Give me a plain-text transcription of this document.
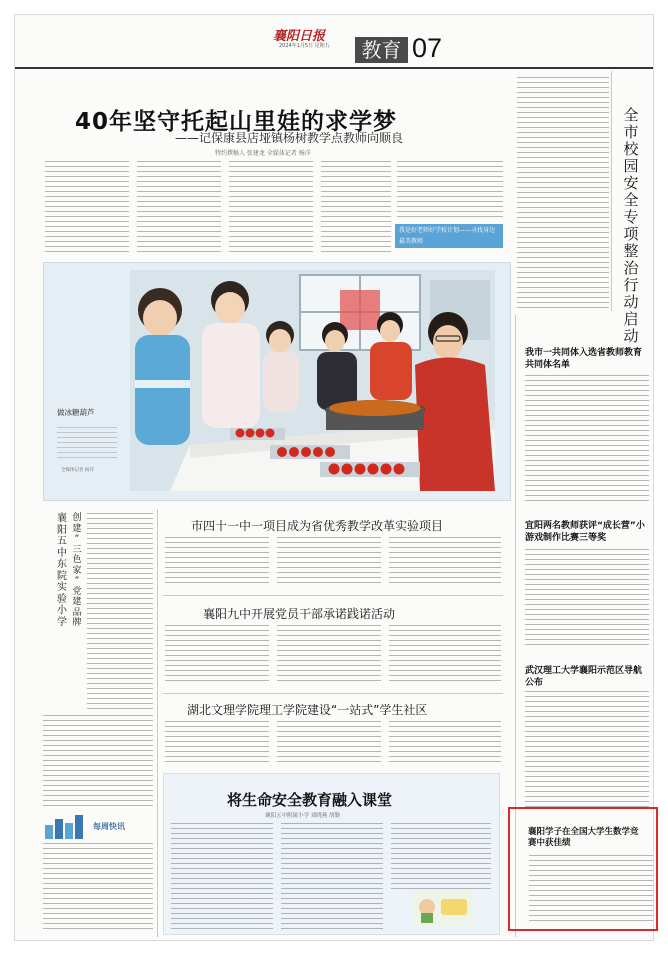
襄阳日报
2024年1月5日 星期五	教育 07
全
市
校
园
安
全
专
项
整
治
行
动
启
动
40年坚守托起山里娃的求学梦
——记保康县店垭镇杨树教学点教师向顺良
特约撰稿人 张建龙 全媒体记者 杨洋
我是好老师好学校计划——寻找身边最美教师
做冰糖葫芦
全媒体记者 杨洋
襄
阳
五
中
东
院
实
验
小
学
创
建
“
三
色
家
”
党
建
品
牌
市四十一中一项目成为省优秀教学改革实验项目
襄阳九中开展党员干部承诺践诺活动
湖北文理学院理工学院建设“一站式”学生社区
将生命安全教育融入课堂
襄阳五中附属小学 刘晓燕 胡勤
每周快讯
我市一共同体入选省教师教育共同体名单
宜阳两名教师获评“成长营”小游戏制作比赛三等奖
武汉理工大学襄阳示范区导航公布
襄阳学子在全国大学生数学竞赛中获佳绩
